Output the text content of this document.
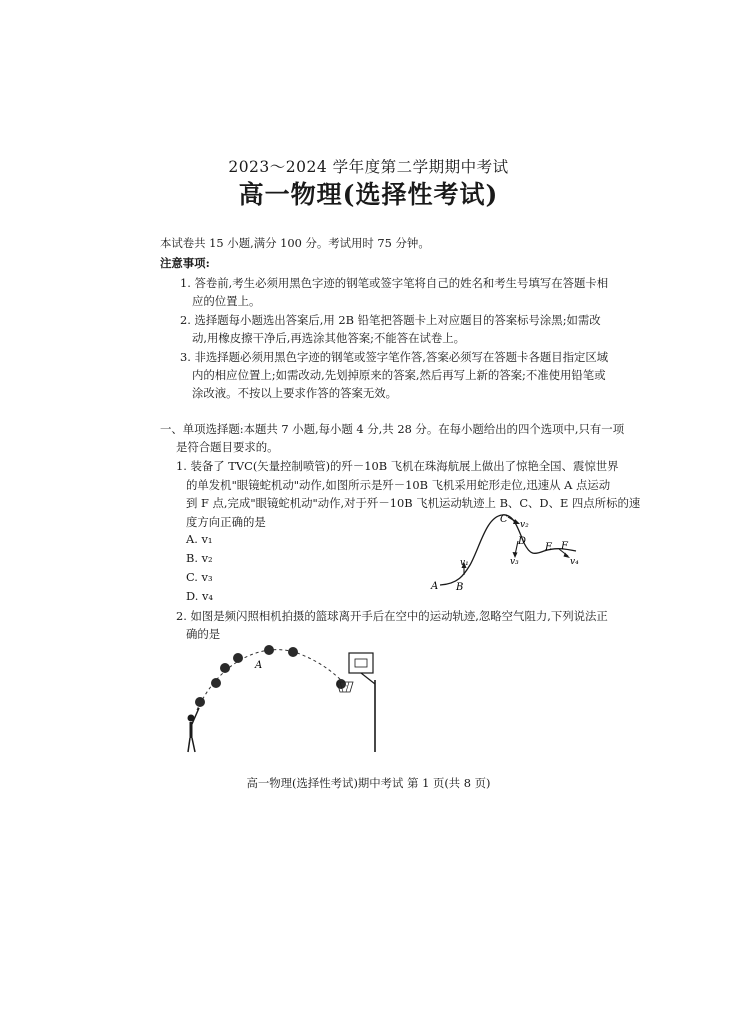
2023～2024 学年度第二学期期中考试
高一物理(选择性考试)
本试卷共 15 小题,满分 100 分。考试用时 75 分钟。
注意事项:
1. 答卷前,考生必须用黑色字迹的钢笔或签字笔将自己的姓名和考生号填写在答题卡相
应的位置上。
2. 选择题每小题选出答案后,用 2B 铅笔把答题卡上对应题目的答案标号涂黑;如需改
动,用橡皮擦干净后,再选涂其他答案;不能答在试卷上。
3. 非选择题必须用黑色字迹的钢笔或签字笔作答,答案必须写在答题卡各题目指定区域
内的相应位置上;如需改动,先划掉原来的答案,然后再写上新的答案;不准使用铅笔或
涂改液。不按以上要求作答的答案无效。
一、单项选择题:本题共 7 小题,每小题 4 分,共 28 分。在每小题给出的四个选项中,只有一项
是符合题目要求的。
1. 装备了 TVC(矢量控制喷管)的歼－10B 飞机在珠海航展上做出了惊艳全国、震惊世界
的单发机"眼镜蛇机动"动作,如图所示是歼－10B 飞机采用蛇形走位,迅速从 A 点运动
到 F 点,完成"眼镜蛇机动"动作,对于歼－10B 飞机运动轨迹上 B、C、D、E 四点所标的速
度方向正确的是
A. v₁
B. v₂
C. v₃
D. v₄
A B
C
D
E F
v₁
v₂
v₃	v₄
2. 如图是频闪照相机拍摄的篮球离开手后在空中的运动轨迹,忽略空气阻力,下列说法正
确的是
A
高一物理(选择性考试)期中考试 第 1 页(共 8 页)
